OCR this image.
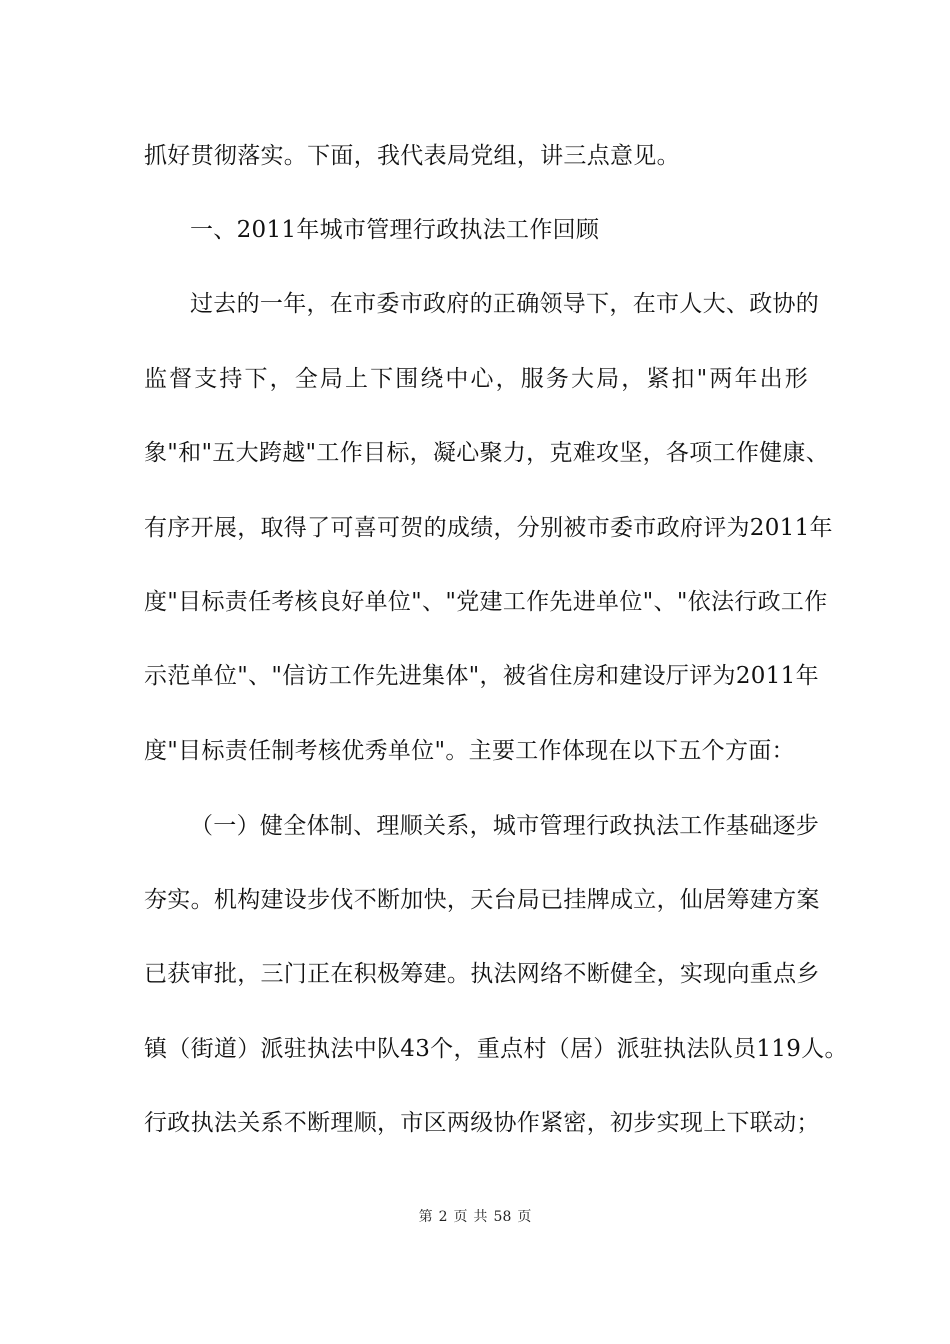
抓好贯彻落实。下面，我代表局党组，讲三点意见。
一、2011年城市管理行政执法工作回顾
过去的一年，在市委市政府的正确领导下，在市人大、政协的
监督支持下，全局上下围绕中心，服务大局，紧扣"两年出形
象"和"五大跨越"工作目标，凝心聚力，克难攻坚，各项工作健康、
有序开展，取得了可喜可贺的成绩，分别被市委市政府评为2011年
度"目标责任考核良好单位"、"党建工作先进单位"、"依法行政工作
示范单位"、"信访工作先进集体"，被省住房和建设厅评为2011年
度"目标责任制考核优秀单位"。主要工作体现在以下五个方面：
（一）健全体制、理顺关系，城市管理行政执法工作基础逐步
夯实。机构建设步伐不断加快，天台局已挂牌成立，仙居筹建方案
已获审批，三门正在积极筹建。执法网络不断健全，实现向重点乡
镇（街道）派驻执法中队43个，重点村（居）派驻执法队员119人。
行政执法关系不断理顺，市区两级协作紧密，初步实现上下联动；
第 2 页 共 58 页
